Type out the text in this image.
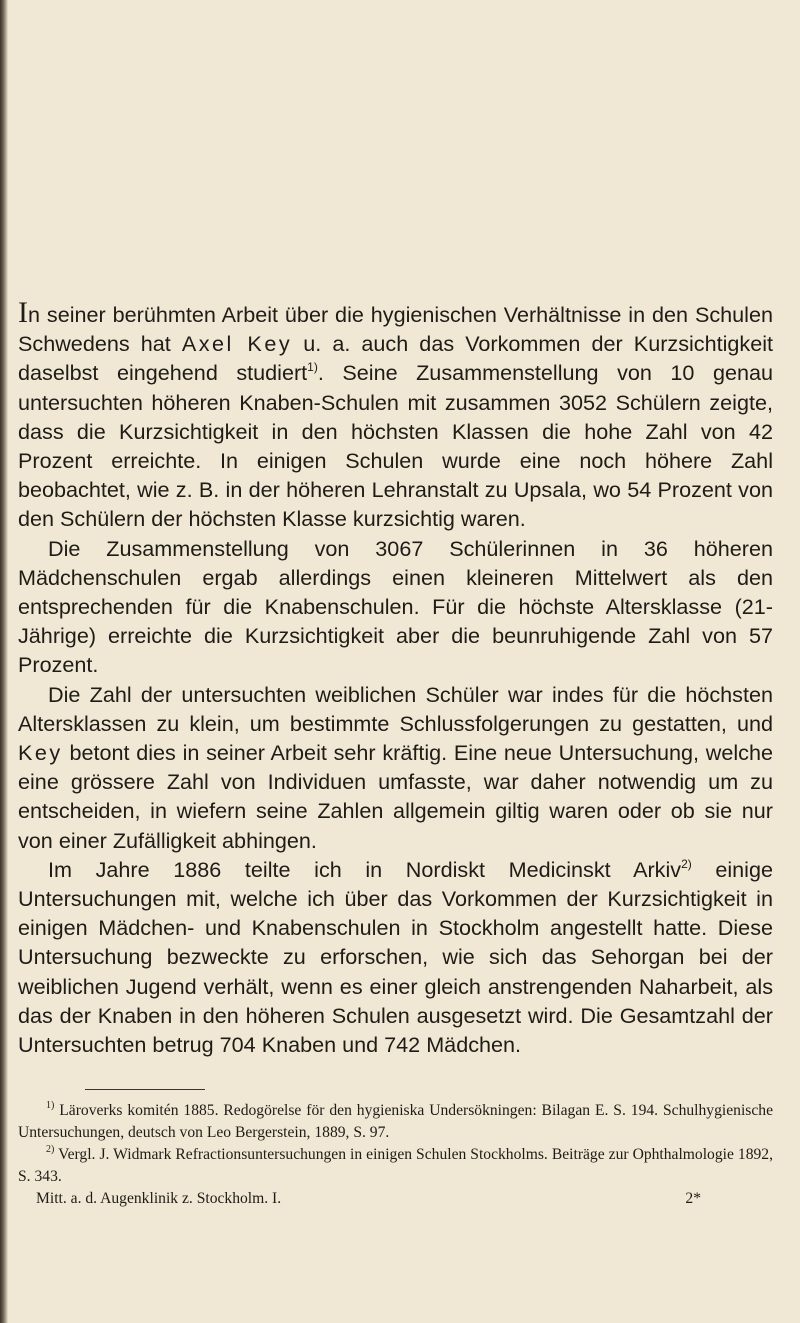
In seiner berühmten Arbeit über die hygienischen Verhältnisse in den Schulen Schwedens hat Axel Key u. a. auch das Vorkommen der Kurzsichtigkeit daselbst eingehend studiert$^{1)}$. Seine Zusammenstellung von 10 genau untersuchten höheren Knaben-Schulen mit zusammen 3052 Schülern zeigte, dass die Kurzsichtigkeit in den höchsten Klassen die hohe Zahl von 42 Prozent erreichte. In einigen Schulen wurde eine noch höhere Zahl beobachtet, wie z. B. in der höheren Lehranstalt zu Upsala, wo 54 Prozent von den Schülern der höchsten Klasse kurzsichtig waren.

Die Zusammenstellung von 3067 Schülerinnen in 36 höheren Mädchenschulen ergab allerdings einen kleineren Mittelwert als den entsprechenden für die Knabenschulen. Für die höchste Altersklasse (21-Jährige) erreichte die Kurzsichtigkeit aber die beunruhigende Zahl von 57 Prozent.

Die Zahl der untersuchten weiblichen Schüler war indes für die höchsten Altersklassen zu klein, um bestimmte Schlussfolgerungen zu gestatten, und Key betont dies in seiner Arbeit sehr kräftig. Eine neue Untersuchung, welche eine grössere Zahl von Individuen umfasste, war daher notwendig um zu entscheiden, in wiefern seine Zahlen allgemein giltig waren oder ob sie nur von einer Zufälligkeit abhingen.

Im Jahre 1886 teilte ich in Nordiskt Medicinskt Arkiv$^{2)}$ einige Untersuchungen mit, welche ich über das Vorkommen der Kurzsichtigkeit in einigen Mädchen- und Knabenschulen in Stockholm angestellt hatte. Diese Untersuchung bezweckte zu erforschen, wie sich das Sehorgan bei der weiblichen Jugend verhält, wenn es einer gleich anstrengenden Naharbeit, als das der Knaben in den höheren Schulen ausgesetzt wird. Die Gesamtzahl der Untersuchten betrug 704 Knaben und 742 Mädchen.

$^{1)}$ Läroverks komitén 1885. Redogörelse för den hygieniska Undersökningen: Bilagan E. S. 194. Schulhygienische Untersuchungen, deutsch von Leo Bergerstein, 1889, S. 97.

$^{2)}$ Vergl. J. Widmark Refractionsuntersuchungen in einigen Schulen Stockholms. Beiträge zur Ophthalmologie 1892, S. 343.

Mitt. a. d. Augenklinik z. Stockholm. I.	2*
